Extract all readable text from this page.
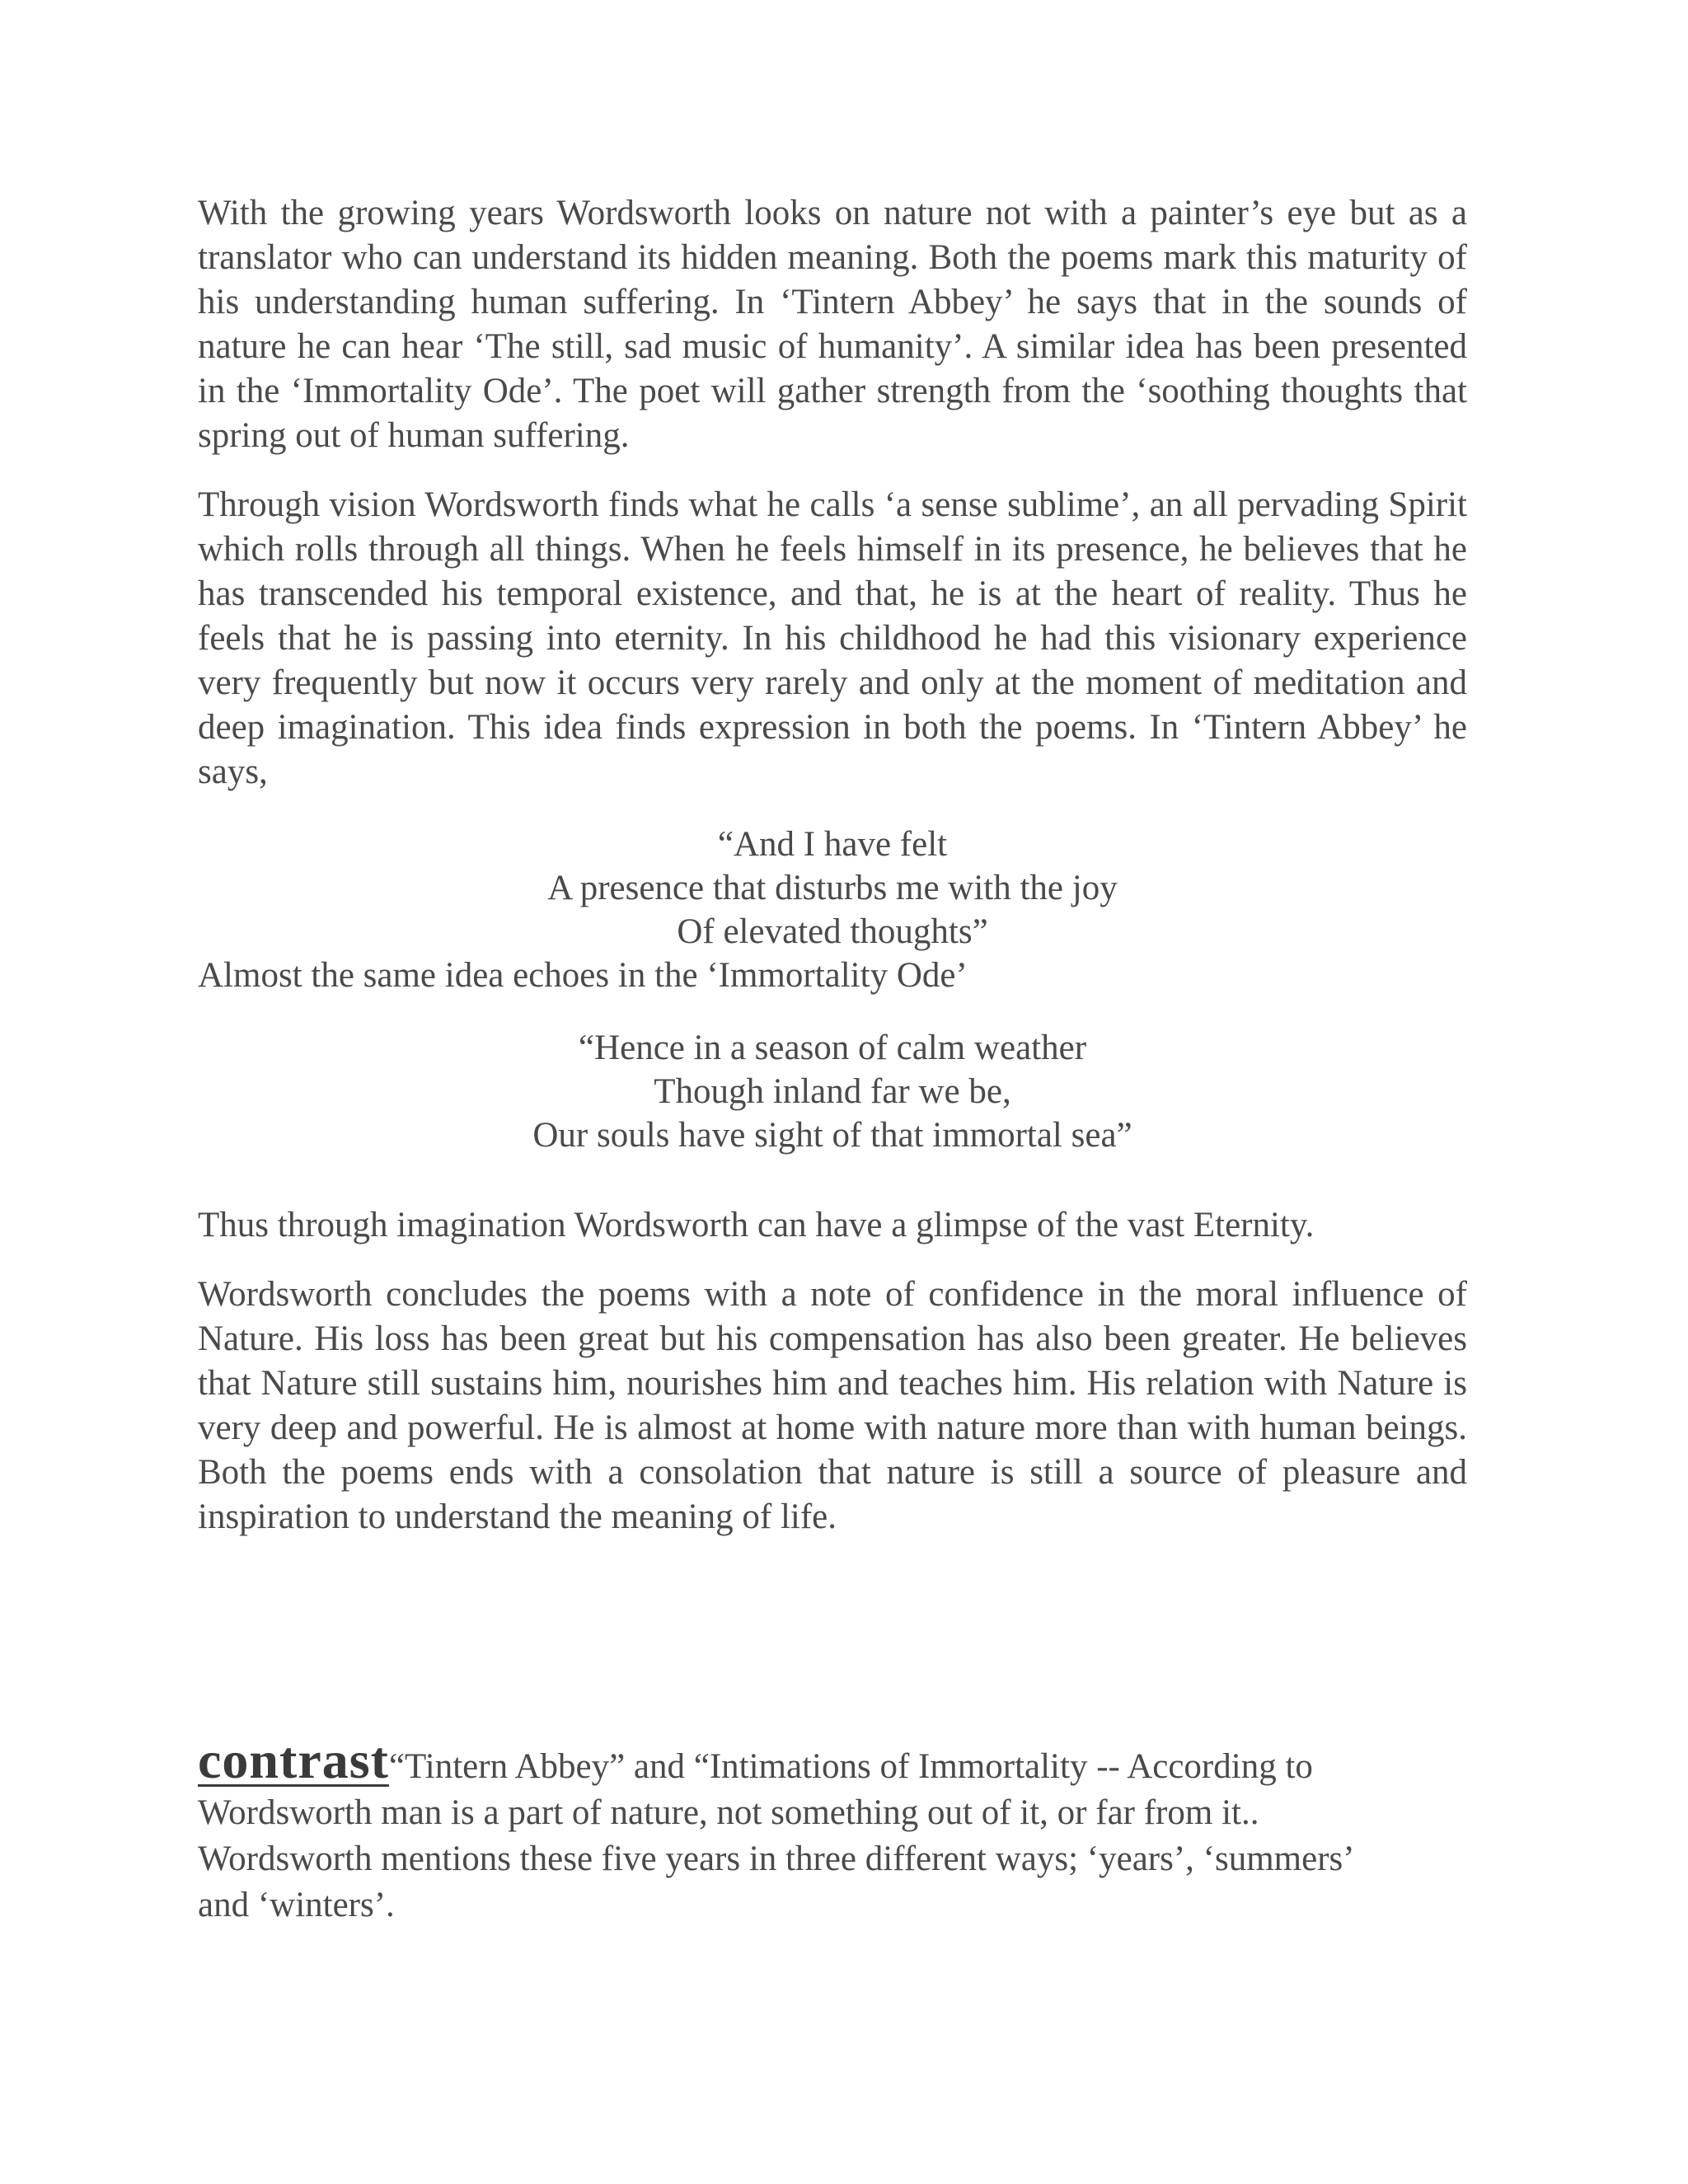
With the growing years Wordsworth looks on nature not with a painter’s eye but as a translator who can understand its hidden meaning. Both the poems mark this maturity of his understanding human suffering. In ‘Tintern Abbey’ he says that in the sounds of nature he can hear ‘The still, sad music of humanity’. A similar idea has been presented in the ‘Immortality Ode’. The poet will gather strength from the ‘soothing thoughts that spring out of human suffering.

Through vision Wordsworth finds what he calls ‘a sense sublime’, an all pervading Spirit which rolls through all things. When he feels himself in its presence, he believes that he has transcended his temporal existence, and that, he is at the heart of reality. Thus he feels that he is passing into eternity. In his childhood he had this visionary experience very frequently but now it occurs very rarely and only at the moment of meditation and deep imagination. This idea finds expression in both the poems. In ‘Tintern Abbey’ he says,

“And I have felt
A presence that disturbs me with the joy
Of elevated thoughts”

Almost the same idea echoes in the ‘Immortality Ode’

“Hence in a season of calm weather
Though inland far we be,
Our souls have sight of that immortal sea”

Thus through imagination Wordsworth can have a glimpse of the vast Eternity.

Wordsworth concludes the poems with a note of confidence in the moral influence of Nature. His loss has been great but his compensation has also been greater. He believes that Nature still sustains him, nourishes him and teaches him. His relation with Nature is very deep and powerful. He is almost at home with nature more than with human beings. Both the poems ends with a consolation that nature is still a source of pleasure and inspiration to understand the meaning of life.

contrast“Tintern Abbey” and “Intimations of Immortality -- According to
Wordsworth man is a part of nature, not something out of it, or far from it..
Wordsworth mentions these five years in three different ways; ‘years’, ‘summers’
and ‘winters’.
